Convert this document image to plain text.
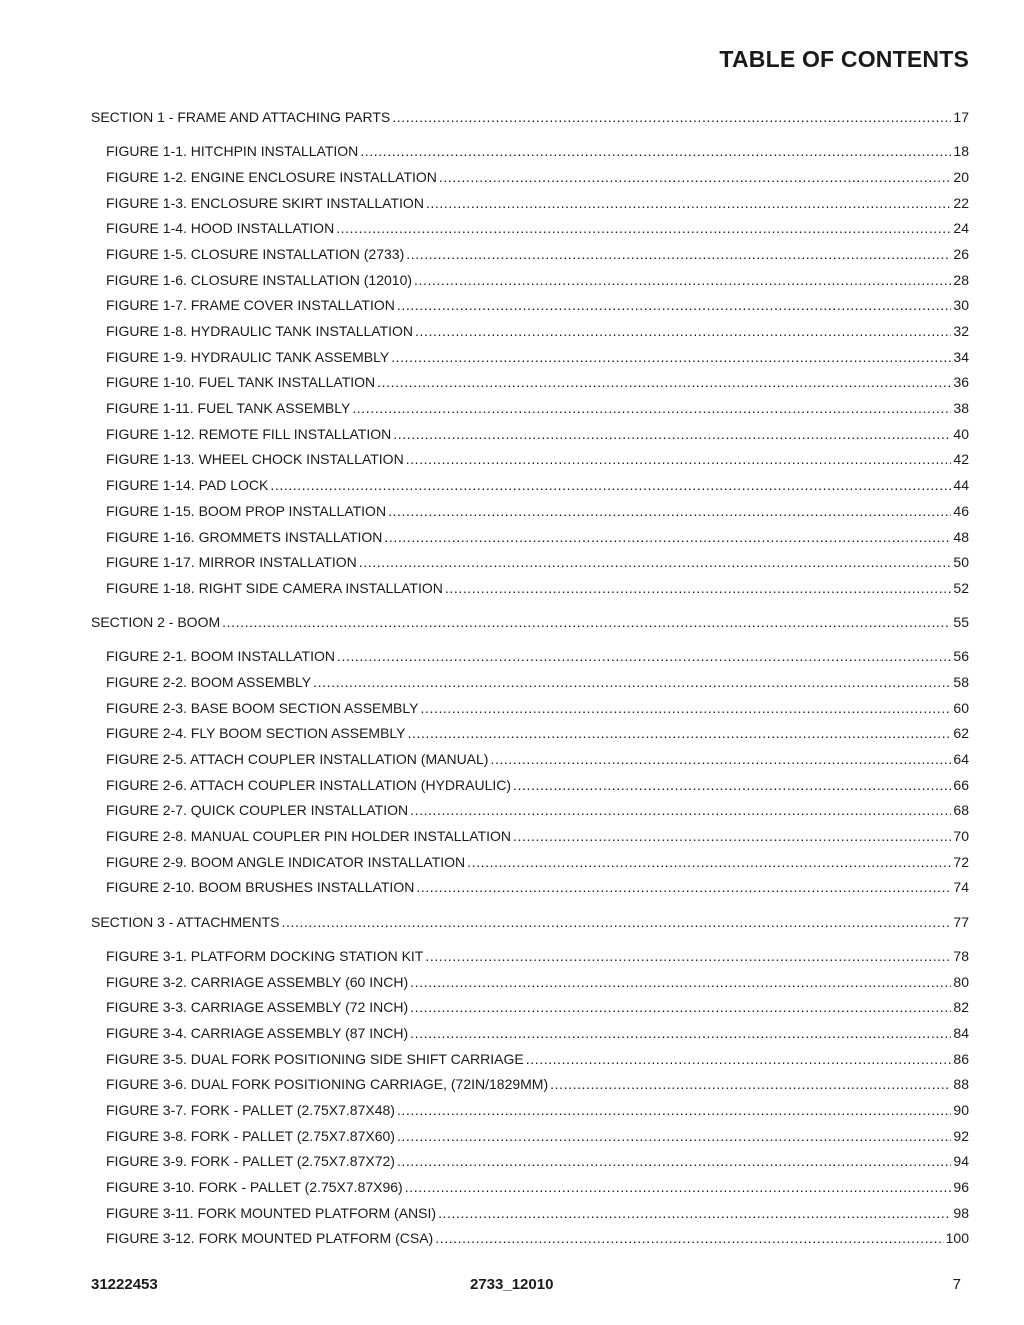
TABLE OF CONTENTS
SECTION 1 - FRAME AND ATTACHING PARTS .....	17
FIGURE 1-1. HITCHPIN INSTALLATION .....	18
FIGURE 1-2. ENGINE ENCLOSURE INSTALLATION .....	20
FIGURE 1-3. ENCLOSURE SKIRT INSTALLATION .....	22
FIGURE 1-4. HOOD INSTALLATION .....	24
FIGURE 1-5. CLOSURE INSTALLATION (2733) .....	26
FIGURE 1-6. CLOSURE INSTALLATION (12010) .....	28
FIGURE 1-7. FRAME COVER INSTALLATION .....	30
FIGURE 1-8. HYDRAULIC TANK INSTALLATION .....	32
FIGURE 1-9. HYDRAULIC TANK ASSEMBLY .....	34
FIGURE 1-10. FUEL TANK INSTALLATION .....	36
FIGURE 1-11. FUEL TANK ASSEMBLY .....	38
FIGURE 1-12. REMOTE FILL INSTALLATION .....	40
FIGURE 1-13. WHEEL CHOCK INSTALLATION .....	42
FIGURE 1-14. PAD LOCK .....	44
FIGURE 1-15. BOOM PROP INSTALLATION .....	46
FIGURE 1-16. GROMMETS INSTALLATION .....	48
FIGURE 1-17. MIRROR INSTALLATION .....	50
FIGURE 1-18. RIGHT SIDE CAMERA INSTALLATION .....	52
SECTION 2 - BOOM .....	55
FIGURE 2-1. BOOM INSTALLATION .....	56
FIGURE 2-2. BOOM ASSEMBLY .....	58
FIGURE 2-3. BASE BOOM SECTION ASSEMBLY .....	60
FIGURE 2-4. FLY BOOM SECTION ASSEMBLY .....	62
FIGURE 2-5. ATTACH COUPLER INSTALLATION (MANUAL) .....	64
FIGURE 2-6. ATTACH COUPLER INSTALLATION (HYDRAULIC) .....	66
FIGURE 2-7. QUICK COUPLER INSTALLATION .....	68
FIGURE 2-8. MANUAL COUPLER PIN HOLDER INSTALLATION .....	70
FIGURE 2-9. BOOM ANGLE INDICATOR INSTALLATION .....	72
FIGURE 2-10. BOOM BRUSHES INSTALLATION .....	74
SECTION 3 - ATTACHMENTS .....	77
FIGURE 3-1. PLATFORM DOCKING STATION KIT .....	78
FIGURE 3-2. CARRIAGE ASSEMBLY (60 INCH) .....	80
FIGURE 3-3. CARRIAGE ASSEMBLY (72 INCH) .....	82
FIGURE 3-4. CARRIAGE ASSEMBLY (87 INCH) .....	84
FIGURE 3-5. DUAL FORK POSITIONING SIDE SHIFT CARRIAGE .....	86
FIGURE 3-6. DUAL FORK POSITIONING CARRIAGE, (72IN/1829MM) .....	88
FIGURE 3-7. FORK - PALLET (2.75X7.87X48) .....	90
FIGURE 3-8. FORK - PALLET (2.75X7.87X60) .....	92
FIGURE 3-9. FORK - PALLET (2.75X7.87X72) .....	94
FIGURE 3-10. FORK - PALLET (2.75X7.87X96) .....	96
FIGURE 3-11. FORK MOUNTED PLATFORM (ANSI) .....	98
FIGURE 3-12. FORK MOUNTED PLATFORM (CSA) .....	100
31222453	2733_12010	7
